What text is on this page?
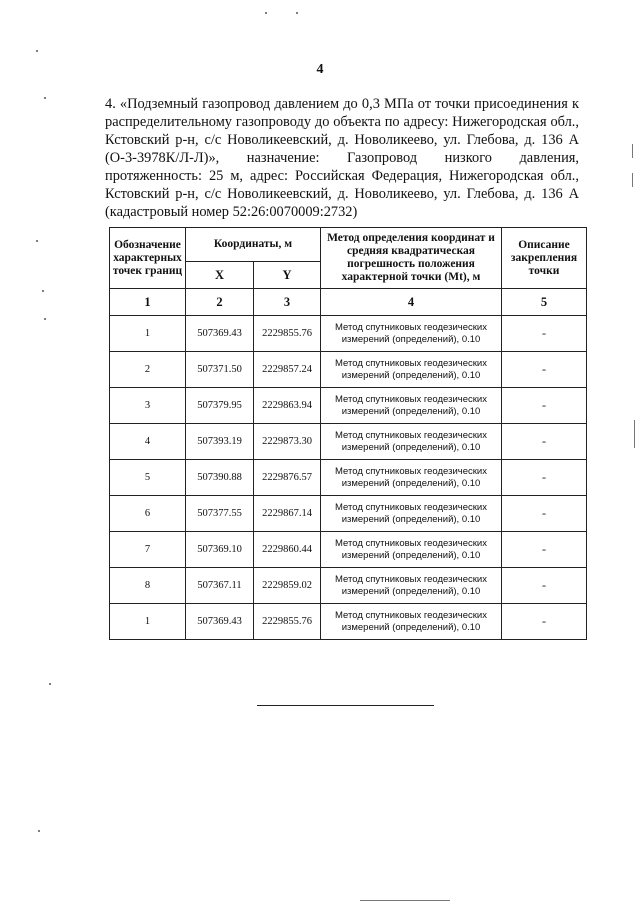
4
4. «Подземный газопровод давлением до 0,3 МПа от точки присоединения к распределительному газопроводу до объекта по адресу: Нижегородская обл., Кстовский р-н, с/с Новоликеевский, д. Новоликеево, ул. Глебова, д. 136 А (О-3-3978К/Л-Л)», назначение: Газопровод низкого давления, протяженность: 25 м, адрес: Российская Федерация, Нижегородская обл., Кстовский р-н, с/с Новоликеевский, д. Новоликеево, ул. Глебова, д. 136 А (кадастровый номер 52:26:0070009:2732)
Обозначение характерных точек границ	Координаты, м		Метод определения координат и средняя квадратическая погрешность положения характерной точки (Mt), м	Описание закрепления точки
	X	Y		
1	2	3	4	5
1	507369.43	2229855.76	Метод спутниковых геодезических измерений (определений), 0.10	-
2	507371.50	2229857.24	Метод спутниковых геодезических измерений (определений), 0.10	-
3	507379.95	2229863.94	Метод спутниковых геодезических измерений (определений), 0.10	-
4	507393.19	2229873.30	Метод спутниковых геодезических измерений (определений), 0.10	-
5	507390.88	2229876.57	Метод спутниковых геодезических измерений (определений), 0.10	-
6	507377.55	2229867.14	Метод спутниковых геодезических измерений (определений), 0.10	-
7	507369.10	2229860.44	Метод спутниковых геодезических измерений (определений), 0.10	-
8	507367.11	2229859.02	Метод спутниковых геодезических измерений (определений), 0.10	-
1	507369.43	2229855.76	Метод спутниковых геодезических измерений (определений), 0.10	-
